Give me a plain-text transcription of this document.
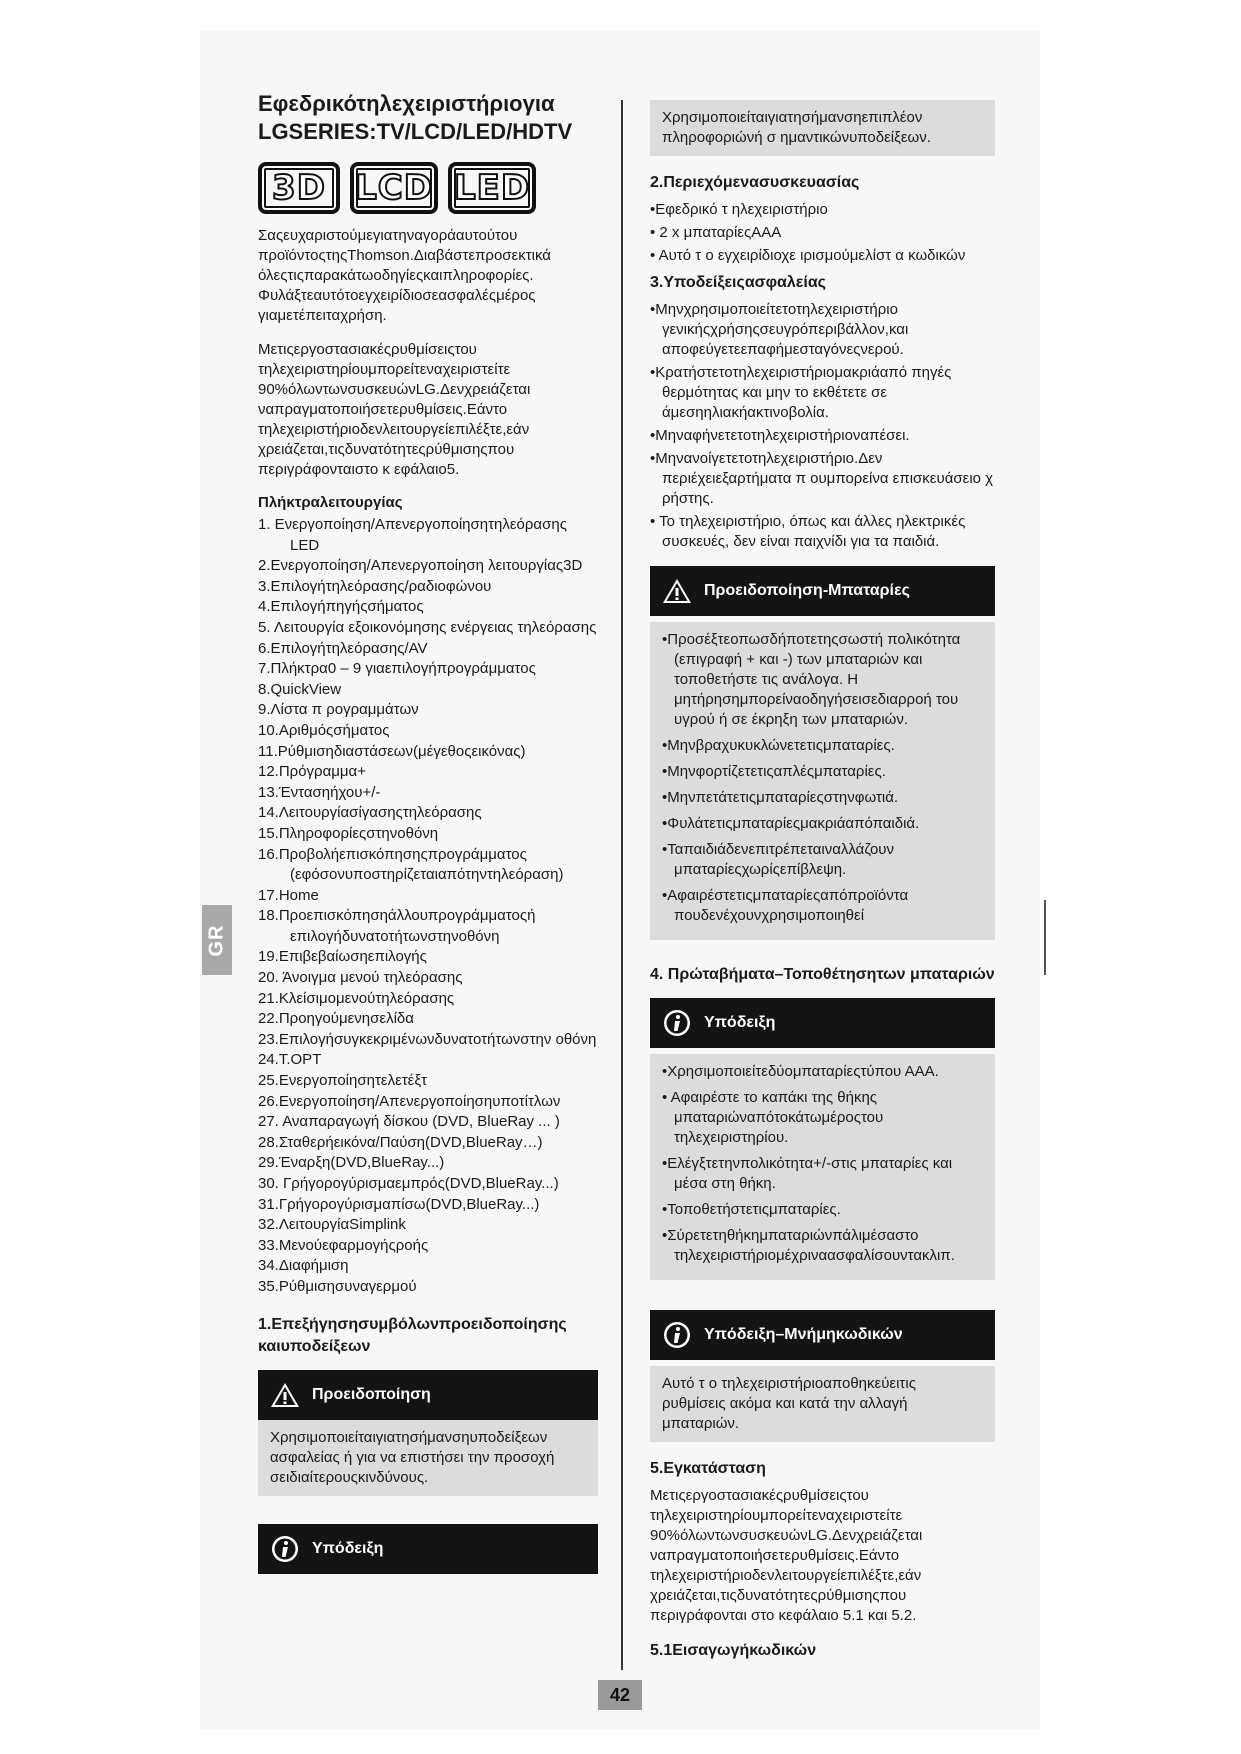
GR
Εφεδρικότηλεχειριστήριογια
LGSERIES:TV/LCD/LED/HDTV
3D LCD LED

Σαςευχαριστούμεγιατηναγοράαυτούτου προϊόντοςτηςThomson.Διαβάστεπροσεκτικά όλεςτιςπαρακάτωοδηγίεςκαιπληροφορίες. Φυλάξτεαυτότοεγχειρίδιοσεασφαλέςμέρος γιαμετέπειταχρήση.

Μετιςεργοστασιακέςρυθμίσειςτου τηλεχειριστηρίουμπορείτεναχειριστείτε 90%όλωντωνσυσκευώνLG.Δενχρειάζεται ναπραγματοποιήσετερυθμίσεις.Εάντο τηλεχειριστήριοδενλειτουργείεπιλέξτε,εάν χρειάζεται,τιςδυνατότητεςρύθμισηςπου περιγράφονταιστο κ εφάλαιο5.

Πλήκτραλειτουργίας
1. Ενεργοποίηση/Απενεργοποίησητηλεόρασης LED
2.Ενεργοποίηση/Απενεργοποίηση λειτουργίας3D
3.Επιλογήτηλεόρασης/ραδιοφώνου
4.Επιλογήπηγήςσήματος
5. Λειτουργία εξοικονόμησης ενέργειας τηλεόρασης
6.Επιλογήτηλεόρασης/AV
7.Πλήκτρα0 – 9 γιαεπιλογήπρογράμματος
8.QuickView
9.Λίστα π ρογραμμάτων
10.Αριθμόςσήματος
11.Ρύθμισηδιαστάσεων(μέγεθοςεικόνας)
12.Πρόγραμμα+
13.Έντασηήχου+/-
14.Λειτουργίασίγασηςτηλεόρασης
15.Πληροφορίεςστηνοθόνη
16.Προβολήεπισκόπησηςπρογράμματος (εφόσονυποστηρίζεταιαπότηντηλεόραση)
17.Home
18.Προεπισκόπησηάλλουπρογράμματοςή επιλογήδυνατοτήτωνστηνοθόνη
19.Επιβεβαίωσηεπιλογής
20. Άνοιγμα μενού τηλεόρασης
21.Κλείσιμομενούτηλεόρασης
22.Προηγούμενησελίδα
23.Επιλογήσυγκεκριμένωνδυνατοτήτωνστην οθόνη
24.T.OPT
25.Ενεργοποίησητελετέξτ
26.Ενεργοποίηση/Απενεργοποίησηυποτίτλων
27. Αναπαραγωγή δίσκου (DVD, BlueRay ... )
28.Σταθερήεικόνα/Παύση(DVD,BlueRay…)
29.Έναρξη(DVD,BlueRay...)
30. Γρήγορογύρισμαεμπρός(DVD,BlueRay...)
31.Γρήγορογύρισμαπίσω(DVD,BlueRay...)
32.ΛειτουργίαSimplink
33.Μενούεφαρμογήςροής
34.Διαφήμιση
35.Ρύθμισησυναγερμού
1.Επεξήγησησυμβόλωνπροειδοποίησης καιυποδείξεων
Προειδοποίηση
Χρησιμοποιείταιγιατησήμανσηυποδείξεων ασφαλείας ή για να επιστήσει την προσοχή σειδιαίτερουςκινδύνους.
Υπόδειξη
Χρησιμοποιείταιγιατησήμανσηεπιπλέον πληροφοριώνή σ ημαντικώνυποδείξεων.
2.Περιεχόμενασυσκευασίας
•Εφεδρικό τ ηλεχειριστήριο
• 2 x μπαταρίεςΑΑΑ
• Αυτό τ ο εγχειρίδιοχε ιρισμούμελίστ α κωδικών
3.Υποδείξειςασφαλείας
•Μηνχρησιμοποιείτετοτηλεχειριστήριο γενικήςχρήσηςσευγρόπεριβάλλον,και αποφεύγετεεπαφήμεσταγόνεςνερού.
•Κρατήστετοτηλεχειριστήριομακριάαπό πηγές θερμότητας και μην το εκθέτετε σε άμεσηηλιακήακτινοβολία.
•Μηναφήνετετοτηλεχειριστήριοναπέσει.
•Μηνανοίγετετοτηλεχειριστήριο.Δεν περιέχειεξαρτήματα π ουμπορείνα επισκευάσειο χ ρήστης.
• Το τηλεχειριστήριο, όπως και άλλες ηλεκτρικές συσκευές, δεν είναι παιχνίδι για τα παιδιά.
Προειδοποίηση-Μπαταρίες
•Προσέξτεοπωσδήποτετηςσωστή πολικότητα (επιγραφή + και -) των μπαταριών και τοποθετήστε τις ανάλογα. Η μητήρησημπορείναοδηγήσεισεδιαρροή του υγρού ή σε έκρηξη των μπαταριών.
•Μηνβραχυκυκλώνετετιςμπαταρίες.
•Μηνφορτίζετετιςαπλέςμπαταρίες.
•Μηνπετάτετιςμπαταρίεςστηνφωτιά.
•Φυλάτετιςμπαταρίεςμακριάαπόπαιδιά.
•Ταπαιδιάδενεπιτρέπεταιναλλάζουν μπαταρίεςχωρίςεπίβλεψη.
•Αφαιρέστετιςμπαταρίεςαπόπροϊόντα πουδενέχουνχρησιμοποιηθεί
4. Πρώταβήματα–Τοποθέτησητων μπαταριών
Υπόδειξη
•Χρησιμοποιείτεδύομπαταρίεςτύπου ΑΑΑ.
• Αφαιρέστε το καπάκι της θήκης μπαταριώναπότοκάτωμέροςτου τηλεχειριστηρίου.
•Ελέγξτετηνπολικότητα+/-στις μπαταρίες και μέσα στη θήκη.
•Τοποθετήστετιςμπαταρίες.
•Σύρετετηθήκημπαταριώνπάλιμέσαστο τηλεχειριστήριομέχριναασφαλίσουντακλιπ.
Υπόδειξη–Μνήμηκωδικών
Αυτό τ ο τηλεχειριστήριοαποθηκεύειτις ρυθμίσεις ακόμα και κατά την αλλαγή μπαταριών.
5.Εγκατάσταση

Μετιςεργοστασιακέςρυθμίσειςτου τηλεχειριστηρίουμπορείτεναχειριστείτε 90%όλωντωνσυσκευώνLG.Δενχρειάζεται ναπραγματοποιήσετερυθμίσεις.Εάντο τηλεχειριστήριοδενλειτουργείεπιλέξτε,εάν χρειάζεται,τιςδυνατότητεςρύθμισηςπου περιγράφονται στο κεφάλαιο 5.1 και 5.2.

5.1Εισαγωγήκωδικών
42
